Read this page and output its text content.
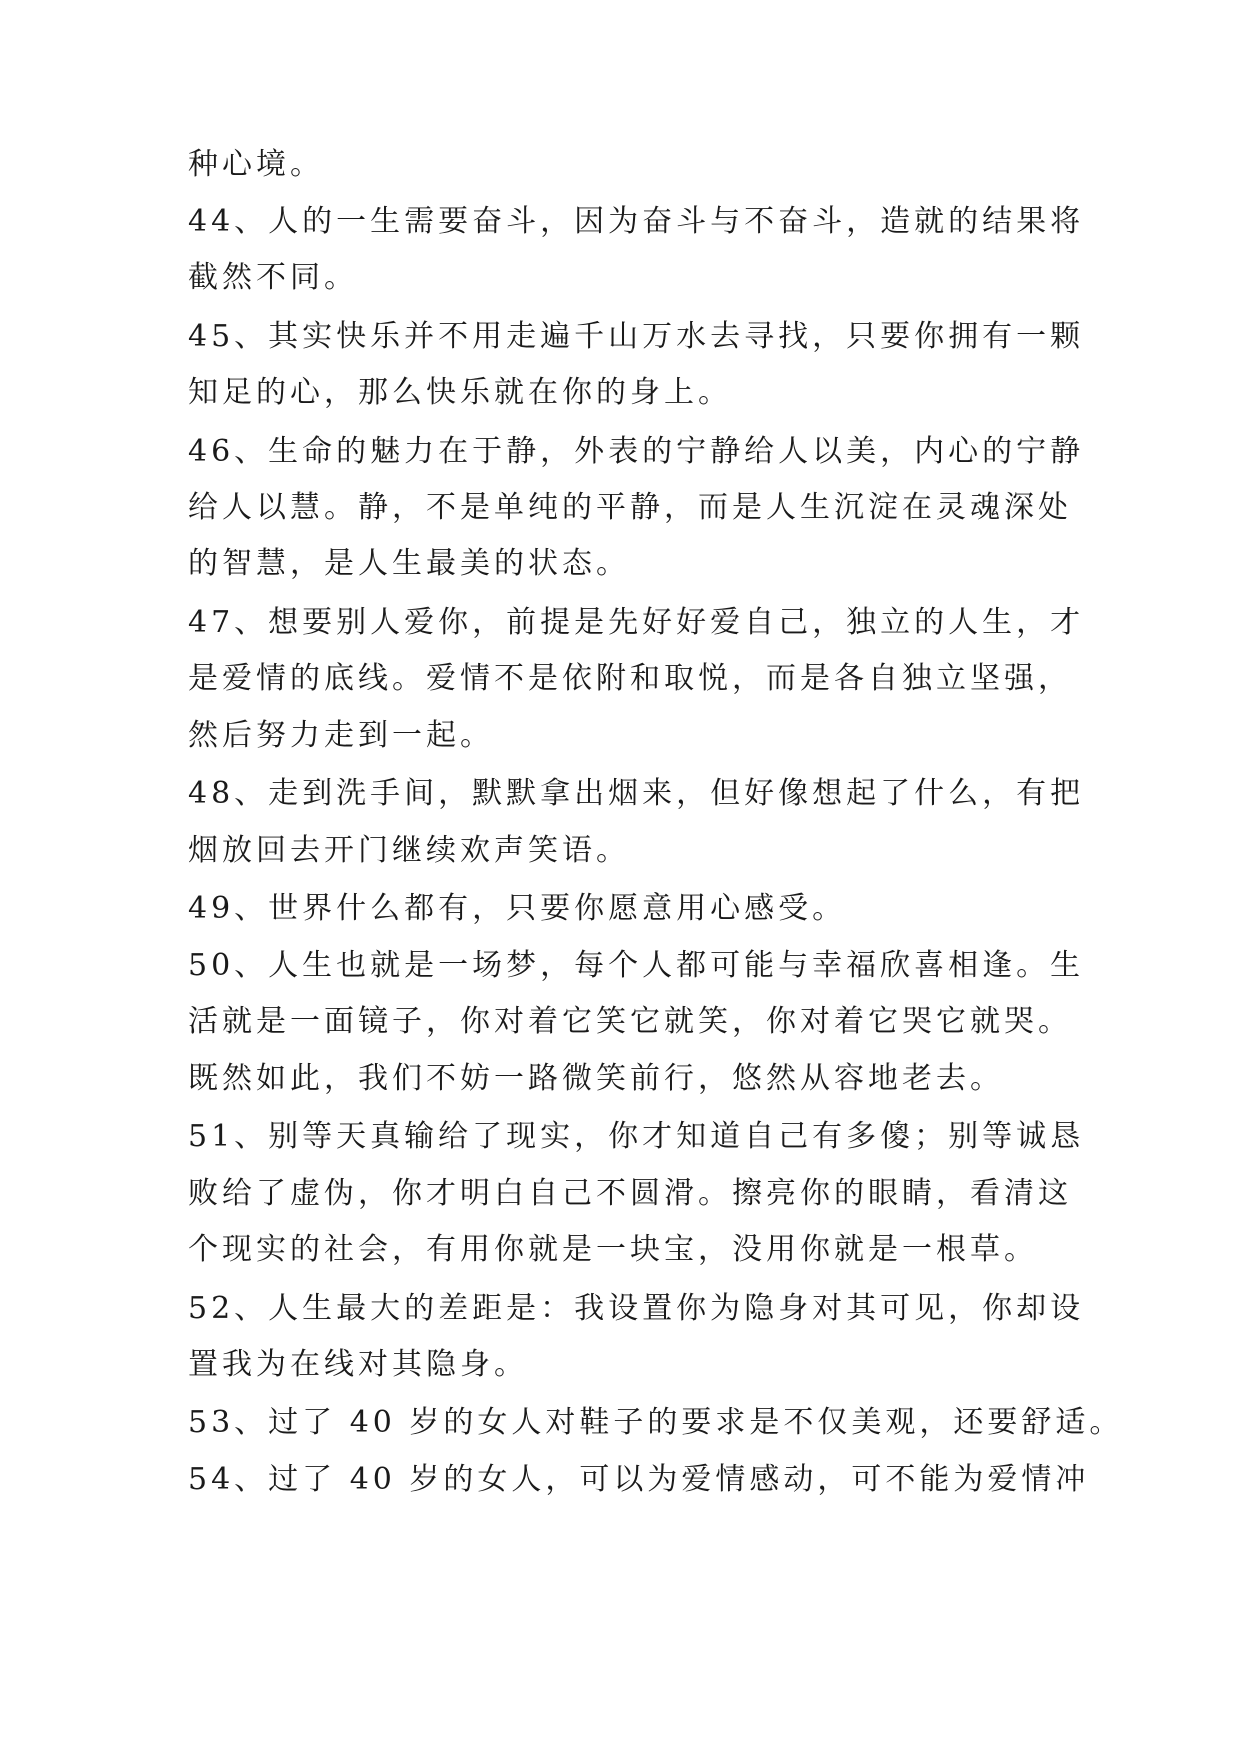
种心境。
44、人的一生需要奋斗，因为奋斗与不奋斗，造就的结果将
截然不同。
45、其实快乐并不用走遍千山万水去寻找，只要你拥有一颗
知足的心，那么快乐就在你的身上。
46、生命的魅力在于静，外表的宁静给人以美，内心的宁静
给人以慧。静，不是单纯的平静，而是人生沉淀在灵魂深处
的智慧，是人生最美的状态。
47、想要别人爱你，前提是先好好爱自己，独立的人生，才
是爱情的底线。爱情不是依附和取悦，而是各自独立坚强，
然后努力走到一起。
48、走到洗手间，默默拿出烟来，但好像想起了什么，有把
烟放回去开门继续欢声笑语。
49、世界什么都有，只要你愿意用心感受。
50、人生也就是一场梦，每个人都可能与幸福欣喜相逢。生
活就是一面镜子，你对着它笑它就笑，你对着它哭它就哭。
既然如此，我们不妨一路微笑前行，悠然从容地老去。
51、别等天真输给了现实，你才知道自己有多傻；别等诚恳
败给了虚伪，你才明白自己不圆滑。擦亮你的眼睛，看清这
个现实的社会，有用你就是一块宝，没用你就是一根草。
52、人生最大的差距是：我设置你为隐身对其可见，你却设
置我为在线对其隐身。
53、过了 40 岁的女人对鞋子的要求是不仅美观，还要舒适。
54、过了 40 岁的女人，可以为爱情感动，可不能为爱情冲
